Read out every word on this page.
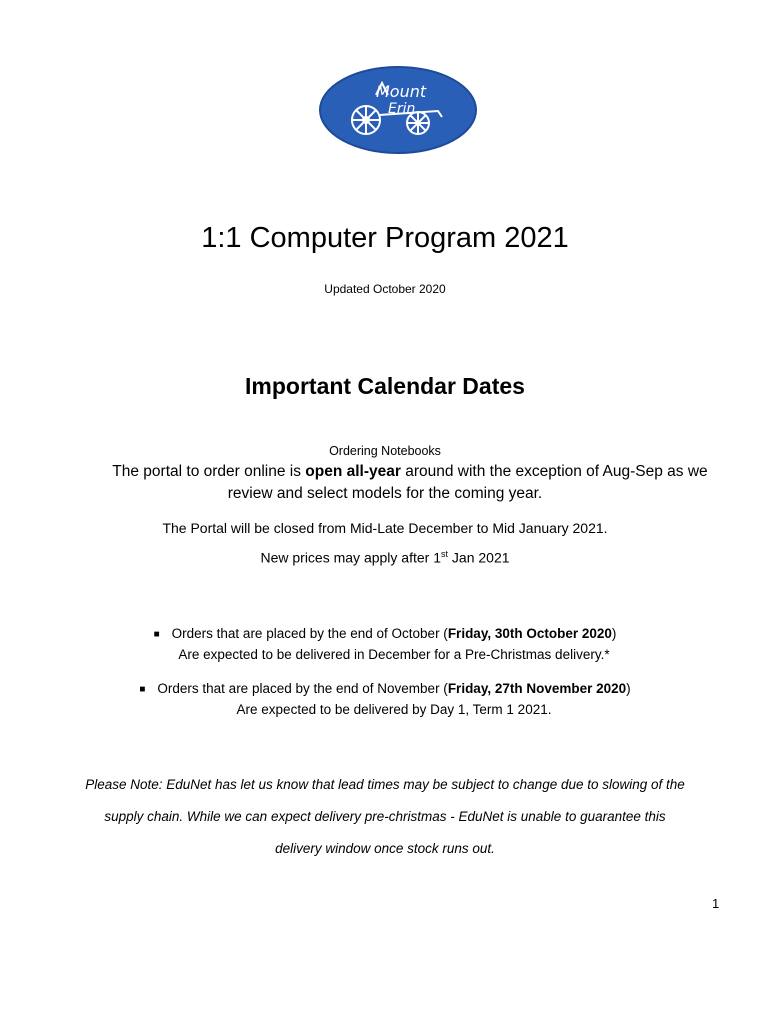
Mount
Erin
1:1 Computer Program 2021
Updated October 2020
Important Calendar Dates
Ordering Notebooks
The portal to order online is open all-year around with the exception of Aug-Sep as we
review and select models for the coming year.
The Portal will be closed from Mid-Late December to Mid January 2021.
New prices may apply after 1st Jan 2021
■ Orders that are placed by the end of October (Friday, 30th October 2020)
Are expected to be delivered in December for a Pre-Christmas delivery.*
■ Orders that are placed by the end of November (Friday, 27th November 2020)
Are expected to be delivered by Day 1, Term 1 2021.
Please Note: EduNet has let us know that lead times may be subject to change due to slowing of the
supply chain. While we can expect delivery pre-christmas - EduNet is unable to guarantee this
delivery window once stock runs out.
1
